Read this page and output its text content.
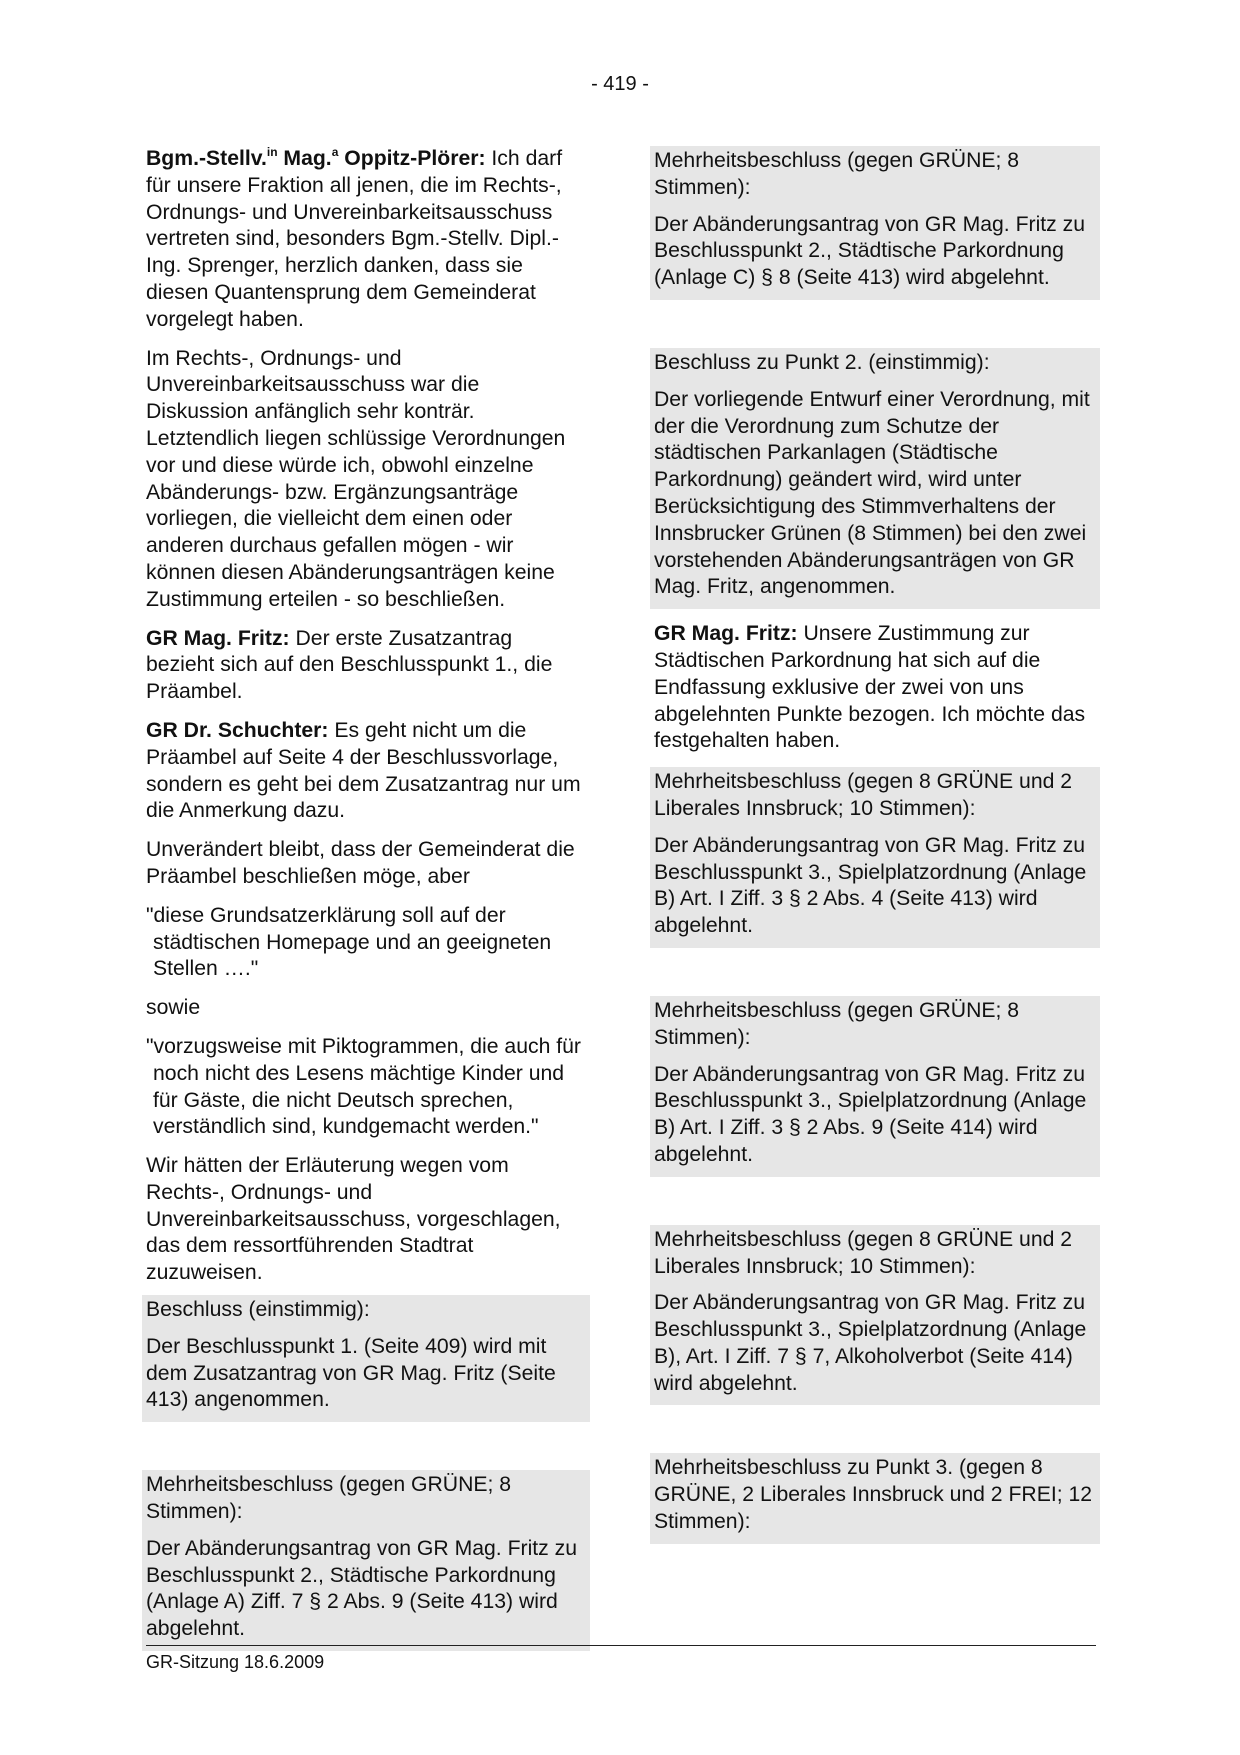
- 419 -

Bgm.-Stellv.$^{in}$ Mag.$^a$ Oppitz-Plörer: Ich darf für unsere Fraktion all jenen, die im Rechts-, Ordnungs- und Unvereinbarkeitsausschuss vertreten sind, besonders Bgm.-Stellv. Dipl.-Ing. Sprenger, herzlich danken, dass sie diesen Quantensprung dem Gemeinderat vorgelegt haben.

Im Rechts-, Ordnungs- und Unvereinbarkeitsausschuss war die Diskussion anfänglich sehr konträr. Letztendlich liegen schlüssige Verordnungen vor und diese würde ich, obwohl einzelne Abänderungs- bzw. Ergänzungsanträge vorliegen, die vielleicht dem einen oder anderen durchaus gefallen mögen - wir können diesen Abänderungsanträgen keine Zustimmung erteilen - so beschließen.

GR Mag. Fritz: Der erste Zusatzantrag bezieht sich auf den Beschlusspunkt 1., die Präambel.

GR Dr. Schuchter: Es geht nicht um die Präambel auf Seite 4 der Beschlussvorlage, sondern es geht bei dem Zusatzantrag nur um die Anmerkung dazu.

Unverändert bleibt, dass der Gemeinderat die Präambel beschließen möge, aber

"diese Grundsatzerklärung soll auf der städtischen Homepage und an geeigneten Stellen …."

sowie

"vorzugsweise mit Piktogrammen, die auch für noch nicht des Lesens mächtige Kinder und für Gäste, die nicht Deutsch sprechen, verständlich sind, kundgemacht werden."

Wir hätten der Erläuterung wegen vom Rechts-, Ordnungs- und Unvereinbarkeitsausschuss, vorgeschlagen, das dem ressortführenden Stadtrat zuzuweisen.

Beschluss (einstimmig):

Der Beschlusspunkt 1. (Seite 409) wird mit dem Zusatzantrag von GR Mag. Fritz (Seite 413) angenommen.

Mehrheitsbeschluss (gegen GRÜNE; 8 Stimmen):

Der Abänderungsantrag von GR Mag. Fritz zu Beschlusspunkt 2., Städtische Parkordnung (Anlage A) Ziff. 7 § 2 Abs. 9 (Seite 413) wird abgelehnt.

Mehrheitsbeschluss (gegen GRÜNE; 8 Stimmen):

Der Abänderungsantrag von GR Mag. Fritz zu Beschlusspunkt 2., Städtische Parkordnung (Anlage C) § 8 (Seite 413) wird abgelehnt.

Beschluss zu Punkt 2. (einstimmig):

Der vorliegende Entwurf einer Verordnung, mit der die Verordnung zum Schutze der städtischen Parkanlagen (Städtische Parkordnung) geändert wird, wird unter Berücksichtigung des Stimmverhaltens der Innsbrucker Grünen (8 Stimmen) bei den zwei vorstehenden Abänderungsanträgen von GR Mag. Fritz, angenommen.

GR Mag. Fritz: Unsere Zustimmung zur Städtischen Parkordnung hat sich auf die Endfassung exklusive der zwei von uns abgelehnten Punkte bezogen. Ich möchte das festgehalten haben.

Mehrheitsbeschluss (gegen 8 GRÜNE und 2 Liberales Innsbruck; 10 Stimmen):

Der Abänderungsantrag von GR Mag. Fritz zu Beschlusspunkt 3., Spielplatzordnung (Anlage B) Art. I Ziff. 3 § 2 Abs. 4 (Seite 413) wird abgelehnt.

Mehrheitsbeschluss (gegen GRÜNE; 8 Stimmen):

Der Abänderungsantrag von GR Mag. Fritz zu Beschlusspunkt 3., Spielplatzordnung (Anlage B) Art. I Ziff. 3 § 2 Abs. 9 (Seite 414) wird abgelehnt.

Mehrheitsbeschluss (gegen 8 GRÜNE und 2 Liberales Innsbruck; 10 Stimmen):

Der Abänderungsantrag von GR Mag. Fritz zu Beschlusspunkt 3., Spielplatzordnung (Anlage B), Art. I Ziff. 7 § 7, Alkoholverbot (Seite 414) wird abgelehnt.

Mehrheitsbeschluss zu Punkt 3. (gegen 8 GRÜNE, 2 Liberales Innsbruck und 2 FREI; 12 Stimmen):

GR-Sitzung 18.6.2009
